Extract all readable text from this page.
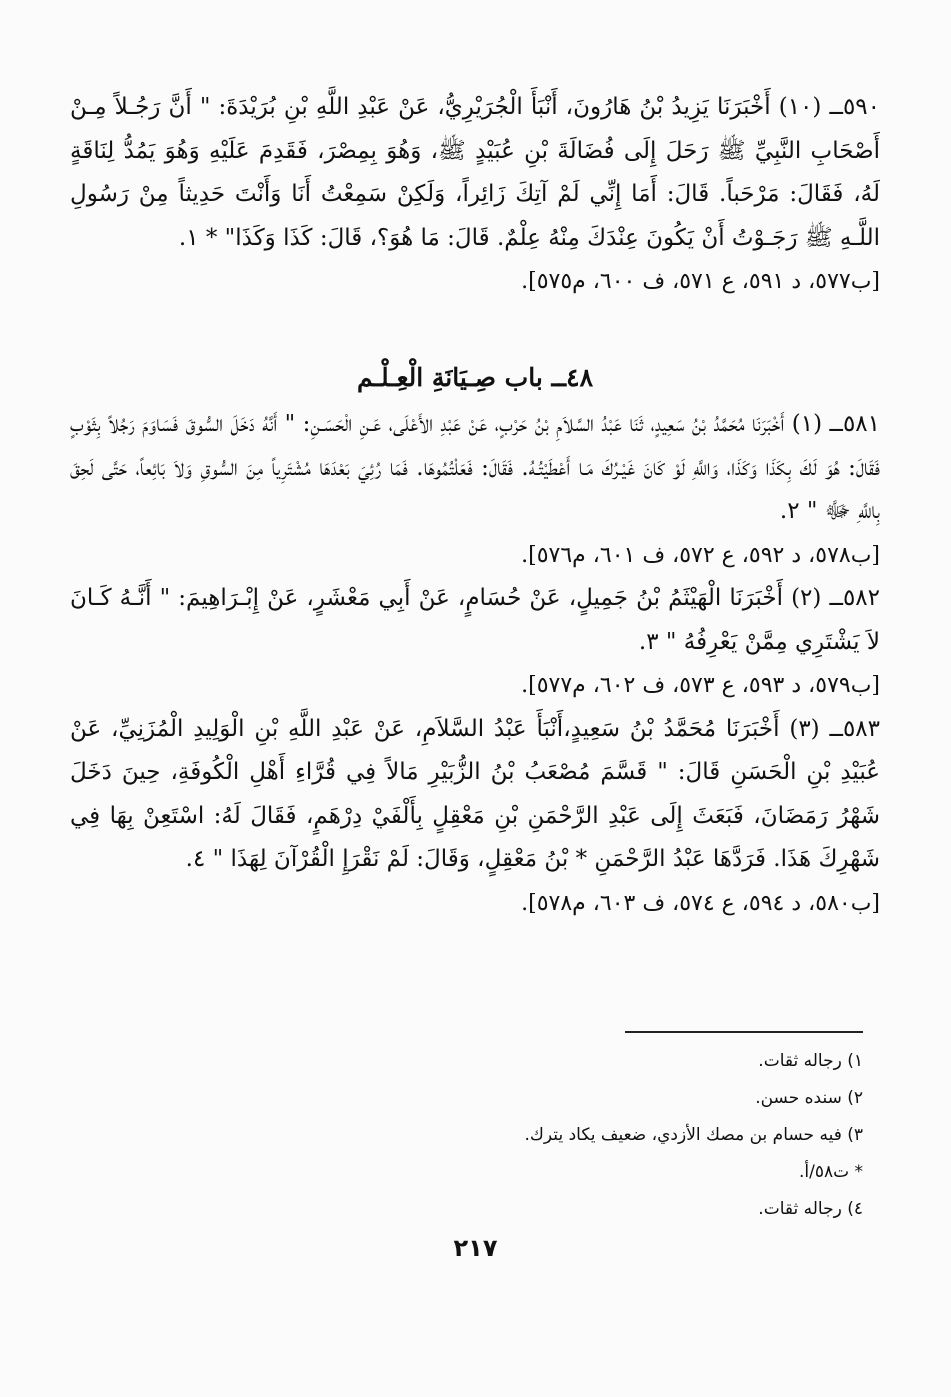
٥٩٠ــ (١٠) أَخْبَرَنَا يَزِيدُ بْنُ هَارُونَ، أَنْبَأَ الْجُرَيْرِيُّ، عَنْ عَبْدِ اللَّهِ بْنِ بُرَيْدَةَ: " أَنَّ رَجُـلاً مِـنْ أَصْحَابِ النَّبِيِّ ﷺ رَحَلَ إِلَى فُضَالَةَ بْنِ عُبَيْدٍ ﷺ، وَهُوَ بِمِصْرَ، فَقَدِمَ عَلَيْهِ وَهُوَ يَمُدُّ لِنَاقَةٍ لَهُ، فَقَالَ: مَرْحَباً. قَالَ: أَمَا إِنِّي لَمْ آتِكَ زَائِراً، وَلَكِنْ سَمِعْتُ أَنَا وَأَنْتَ حَدِيثاً مِنْ رَسُولِ اللَّـهِ ﷺ رَجَـوْتُ أَنْ يَكُونَ عِنْدَكَ مِنْهُ عِلْمٌ. قَالَ: مَا هُوَ؟، قَالَ: كَذَا وَكَذَا" * ١.

[ب٥٧٧، د ٥٩١، ع ٥٧١، ف ٦٠٠، م٥٧٥].

٤٨ــ باب صِـيَانَةِ الْعِـلْـم

٥٨١ــ (١) أَخْبَرَنَا مُحَمَّدُ بْنُ سَعِيدٍ، ثَنَا عَبْدُ السَّلاَمِ بْنُ حَرْبٍ، عَنْ عَبْدِ الأَعْلَى، عَـنِ الْحَسَـنِ: " أَنَّهُ دَخَلَ السُّوقَ فَسَاوَمَ رَجُلاً بِثَوْبٍ فَقَالَ: هُوَ لَكَ بِكَذَا وَكَذَا، وَاللَّهِ لَوْ كَانَ غَيْـرُكَ مَـا أَعْطَيْتُـهُ. فَقَالَ: فَعَلْتُمُوهَا. فَمَا رُئِيَ بَعْدَهَا مُشْتَرِياً مِنَ السُّوقِ وَلاَ بَائِعاً، حَتَّى لَحِقَ بِاللَّهِ ﷻ " ٢.

[ب٥٧٨، د ٥٩٢، ع ٥٧٢، ف ٦٠١، م٥٧٦].

٥٨٢ــ (٢) أَخْبَرَنَا الْهَيْثَمُ بْنُ جَمِيلٍ، عَنْ حُسَامٍ، عَنْ أَبِي مَعْشَرٍ، عَنْ إِبْـرَاهِيمَ: " أَنَّـهُ كَـانَ لاَ يَشْتَرِي مِمَّنْ يَعْرِفُهُ " ٣.

[ب٥٧٩، د ٥٩٣، ع ٥٧٣، ف ٦٠٢، م٥٧٧].

٥٨٣ــ (٣) أَخْبَرَنَا مُحَمَّدُ بْنُ سَعِيدٍ،أَنْبَأَ عَبْدُ السَّلاَمِ، عَنْ عَبْدِ اللَّهِ بْنِ الْوَلِيدِ الْمُزَنِيِّ، عَنْ عُبَيْدِ بْنِ الْحَسَنِ قَالَ: " قَسَّمَ مُصْعَبُ بْنُ الزُّبَيْرِ مَالاً فِي قُرَّاءِ أَهْلِ الْكُوفَةِ، حِينَ دَخَلَ شَهْرُ رَمَضَانَ، فَبَعَثَ إِلَى عَبْدِ الرَّحْمَنِ بْنِ مَعْقِلٍ بِأَلْفَيْ دِرْهَمٍ، فَقَالَ لَهُ: اسْتَعِنْ بِهَا فِي شَهْرِكَ هَذَا. فَرَدَّهَا عَبْدُ الرَّحْمَنِ * بْنُ مَعْقِلٍ، وَقَالَ: لَمْ نَقْرَإِ الْقُرْآنَ لِهَذَا " ٤.

[ب٥٨٠، د ٥٩٤، ع ٥٧٤، ف ٦٠٣، م٥٧٨].

١) رجاله ثقات.

٢) سنده حسن.

٣) فيه حسام بن مصك الأزدي، ضعيف يكاد يترك.

* ت٥٨/أ.

٤) رجاله ثقات.

٢١٧
